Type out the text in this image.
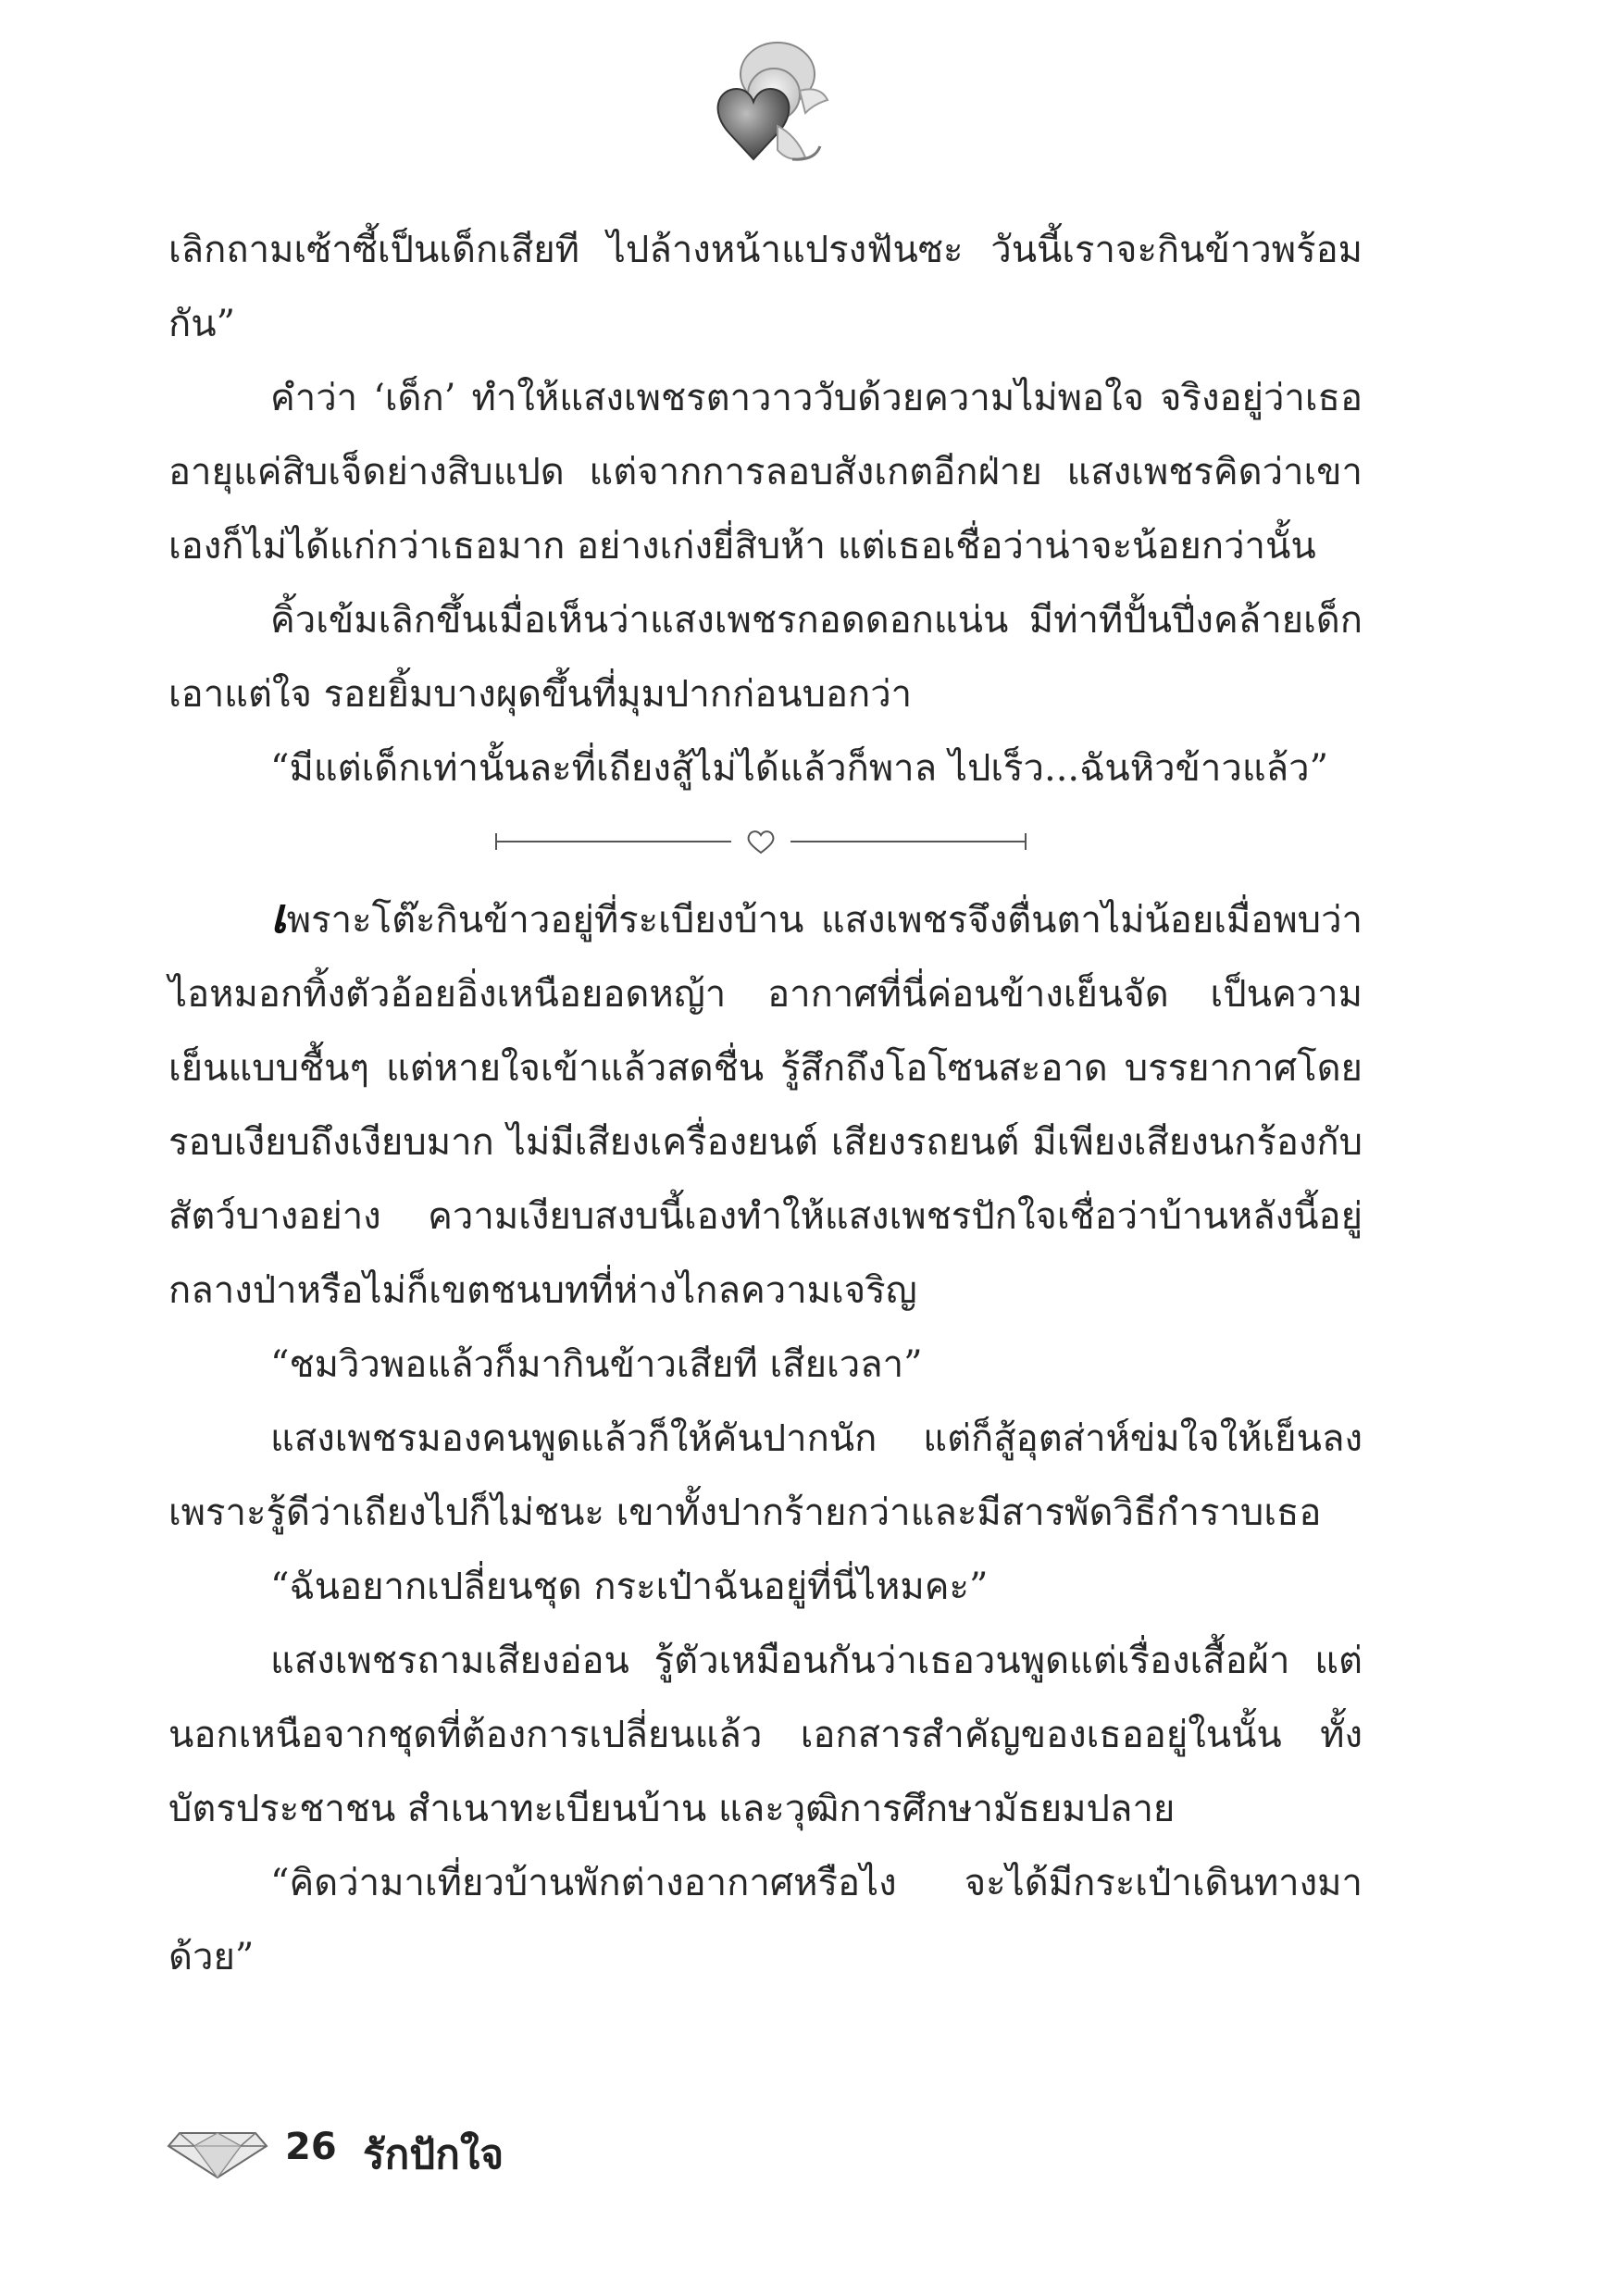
เลิกถามเซ้าซี้เป็นเด็กเสียที ไปล้างหน้าแปรงฟันซะ วันนี้เราจะกินข้าวพร้อมกัน”

คำว่า ‘เด็ก’ ทำให้แสงเพชรตาวาววับด้วยความไม่พอใจ จริงอยู่ว่าเธออายุแค่สิบเจ็ดย่างสิบแปด แต่จากการลอบสังเกตอีกฝ่าย แสงเพชรคิดว่าเขาเองก็ไม่ได้แก่กว่าเธอมาก อย่างเก่งยี่สิบห้า แต่เธอเชื่อว่าน่าจะน้อยกว่านั้น

คิ้วเข้มเลิกขึ้นเมื่อเห็นว่าแสงเพชรกอดดอกแน่น มีท่าทีปั้นปึ่งคล้ายเด็กเอาแต่ใจ รอยยิ้มบางผุดขึ้นที่มุมปากก่อนบอกว่า

“มีแต่เด็กเท่านั้นละที่เถียงสู้ไม่ได้แล้วก็พาล ไปเร็ว...ฉันหิวข้าวแล้ว”

เพราะโต๊ะกินข้าวอยู่ที่ระเบียงบ้าน แสงเพชรจึงตื่นตาไม่น้อยเมื่อพบว่าไอหมอกทิ้งตัวอ้อยอิ่งเหนือยอดหญ้า อากาศที่นี่ค่อนข้างเย็นจัด เป็นความเย็นแบบชื้นๆ แต่หายใจเข้าแล้วสดชื่น รู้สึกถึงโอโซนสะอาด บรรยากาศโดยรอบเงียบถึงเงียบมาก ไม่มีเสียงเครื่องยนต์ เสียงรถยนต์ มีเพียงเสียงนกร้องกับสัตว์บางอย่าง ความเงียบสงบนี้เองทำให้แสงเพชรปักใจเชื่อว่าบ้านหลังนี้อยู่กลางป่าหรือไม่ก็เขตชนบทที่ห่างไกลความเจริญ

“ชมวิวพอแล้วก็มากินข้าวเสียที เสียเวลา”

แสงเพชรมองคนพูดแล้วก็ให้คันปากนัก แต่ก็สู้อุตส่าห์ข่มใจให้เย็นลง เพราะรู้ดีว่าเถียงไปก็ไม่ชนะ เขาทั้งปากร้ายกว่าและมีสารพัดวิธีกำราบเธอ

“ฉันอยากเปลี่ยนชุด กระเป๋าฉันอยู่ที่นี่ไหมคะ”

แสงเพชรถามเสียงอ่อน รู้ตัวเหมือนกันว่าเธอวนพูดแต่เรื่องเสื้อผ้า แต่นอกเหนือจากชุดที่ต้องการเปลี่ยนแล้ว เอกสารสำคัญของเธออยู่ในนั้น ทั้งบัตรประชาชน สำเนาทะเบียนบ้าน และวุฒิการศึกษามัธยมปลาย

“คิดว่ามาเที่ยวบ้านพักต่างอากาศหรือไง จะได้มีกระเป๋าเดินทางมาด้วย”

26 รักปักใจ
